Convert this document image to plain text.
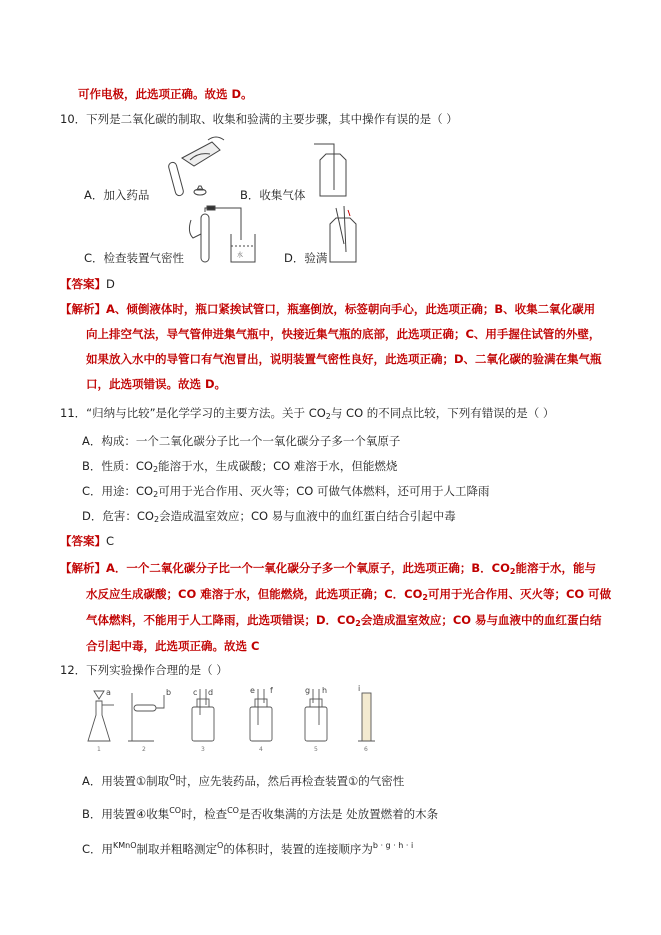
可作电极，此选项正确。故选 D。
10．下列是二氧化碳的制取、收集和验满的主要步骤，其中操作有误的是（ ）
A．加入药品	B．收集气体
水
C．检查装置气密性	D．验满
【答案】D
【解析】A、倾倒液体时，瓶口紧挨试管口，瓶塞倒放，标签朝向手心，此选项正确；B、收集二氧化碳用
向上排空气法，导气管伸进集气瓶中，快接近集气瓶的底部，此选项正确；C、用手握住试管的外壁，
如果放入水中的导管口有气泡冒出，说明装置气密性良好，此选项正确；D、二氧化碳的验满在集气瓶
口，此选项错误。故选 D。
11．“归纳与比较”是化学学习的主要方法。关于 $CO_2$与 CO 的不同点比较，下列有错误的是（ ）
A．构成：一个二氧化碳分子比一个一氧化碳分子多一个氧原子
B．性质：$CO_2$能溶于水，生成碳酸；CO 难溶于水，但能燃烧
C．用途：$CO_2$可用于光合作用、灭火等；CO 可做气体燃料，还可用于人工降雨
D．危害：$CO_2$会造成温室效应；CO 易与血液中的血红蛋白结合引起中毒
【答案】C
【解析】A．一个二氧化碳分子比一个一氧化碳分子多一个氧原子，此选项正确；B．$CO_2$能溶于水，能与
水反应生成碳酸；CO 难溶于水，但能燃烧，此选项正确；C．$CO_2$可用于光合作用、灭火等；CO 可做
气体燃料，不能用于人工降雨，此选项错误；D．$CO_2$会造成温室效应；CO 易与血液中的血红蛋白结
合引起中毒，此选项正确。故选 C
12．下列实验操作合理的是（ ）
a	b	c d	e f	g h	i
1	2	3	4	5	6
A．用装置①制取$^O$时，应先装药品，然后再检查装置①的气密性
B．用装置④收集$^{CO}$时，检查$^{CO}$是否收集满的方法是 处放置燃着的木条
C．用$^{KMnO}$制取并粗略测定$^O$的体积时，装置的连接顺序为$^{b \cdot g \cdot h \cdot i}$
